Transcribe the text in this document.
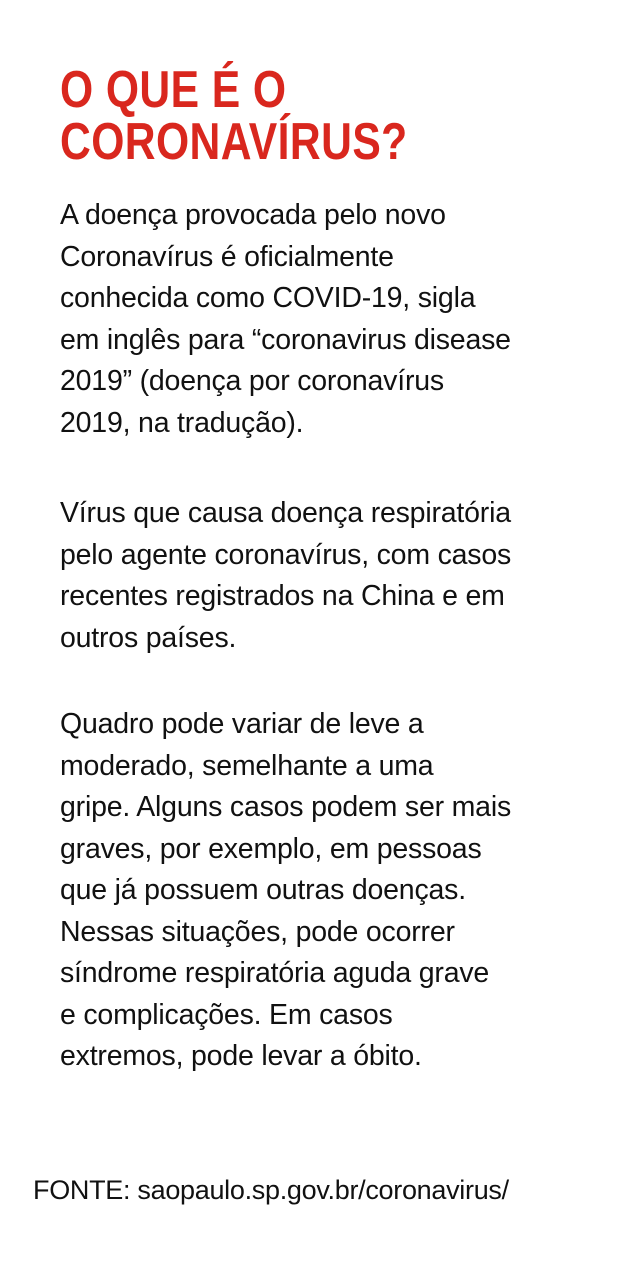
O QUE É O
CORONAVÍRUS?

A doença provocada pelo novo
Coronavírus é oficialmente
conhecida como COVID-19, sigla
em inglês para “coronavirus disease
2019” (doença por coronavírus
2019, na tradução).

Vírus que causa doença respiratória
pelo agente coronavírus, com casos
recentes registrados na China e em
outros países.

Quadro pode variar de leve a
moderado, semelhante a uma
gripe. Alguns casos podem ser mais
graves, por exemplo, em pessoas
que já possuem outras doenças.
Nessas situações, pode ocorrer
síndrome respiratória aguda grave
e complicações. Em casos
extremos, pode levar a óbito.

FONTE: saopaulo.sp.gov.br/coronavirus/
